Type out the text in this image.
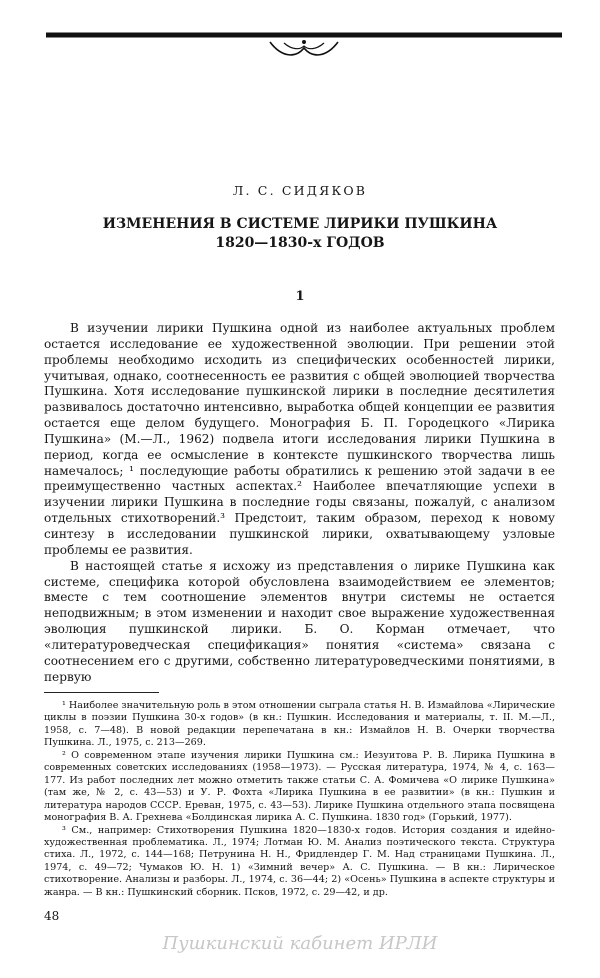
Л. С. СИДЯКОВ
ИЗМЕНЕНИЯ В СИСТЕМЕ ЛИРИКИ ПУШКИНА
1820—1830-х ГОДОВ
1

В изучении лирики Пушкина одной из наиболее актуальных проблем остается исследование ее художественной эволюции. При решении этой проблемы необходимо исходить из специфических особенностей лирики, учитывая, однако, соотнесенность ее развития с общей эволюцией творчества Пушкина. Хотя исследование пушкинской лирики в последние десятилетия развивалось достаточно интенсивно, выработка общей концепции ее развития остается еще делом будущего. Монография Б. П. Городецкого «Лирика Пушкина» (М.—Л., 1962) подвела итоги исследования лирики Пушкина в период, когда ее осмысление в контексте пушкинского творчества лишь намечалось; ¹ последующие работы обратились к решению этой задачи в ее преимущественно частных аспектах.² Наиболее впечатляющие успехи в изучении лирики Пушкина в последние годы связаны, пожалуй, с анализом отдельных стихотворений.³ Предстоит, таким образом, переход к новому синтезу в исследовании пушкинской лирики, охватывающему узловые проблемы ее развития.

В настоящей статье я исхожу из представления о лирике Пушкина как системе, специфика которой обусловлена взаимодействием ее элементов; вместе с тем соотношение элементов внутри системы не остается неподвижным; в этом изменении и находит свое выражение художественная эволюция пушкинской лирики. Б. О. Корман отмечает, что «литературоведческая спецификация» понятия «система» связана с соотнесением его с другими, собственно литературоведческими понятиями, в первую

¹ Наиболее значительную роль в этом отношении сыграла статья Н. В. Измайлова «Лирические циклы в поэзии Пушкина 30-х годов» (в кн.: Пушкин. Исследования и материалы, т. II. М.—Л., 1958, с. 7—48). В новой редакции перепечатана в кн.: Измайлов Н. В. Очерки творчества Пушкина. Л., 1975, с. 213—269.

² О современном этапе изучения лирики Пушкина см.: Иезуитова Р. В. Лирика Пушкина в современных советских исследованиях (1958—1973). — Русская литература, 1974, № 4, с. 163—177. Из работ последних лет можно отметить также статьи С. А. Фомичева «О лирике Пушкина» (там же, № 2, с. 43—53) и У. Р. Фохта «Лирика Пушкина в ее развитии» (в кн.: Пушкин и литература народов СССР. Ереван, 1975, с. 43—53). Лирике Пушкина отдельного этапа посвящена монография В. А. Грехнева «Болдинская лирика А. С. Пушкина. 1830 год» (Горький, 1977).

³ См., например: Стихотворения Пушкина 1820—1830-х годов. История создания и идейно-художественная проблематика. Л., 1974; Лотман Ю. М. Анализ поэтического текста. Структура стиха. Л., 1972, с. 144—168; Петрунина Н. Н., Фридлендер Г. М. Над страницами Пушкина. Л., 1974, с. 49—72; Чумаков Ю. Н. 1) «Зимний вечер» А. С. Пушкина. — В кн.: Лирическое стихотворение. Анализы и разборы. Л., 1974, с. 36—44; 2) «Осень» Пушкина в аспекте структуры и жанра. — В кн.: Пушкинский сборник. Псков, 1972, с. 29—42, и др.

48
Пушкинский кабинет ИРЛИ
